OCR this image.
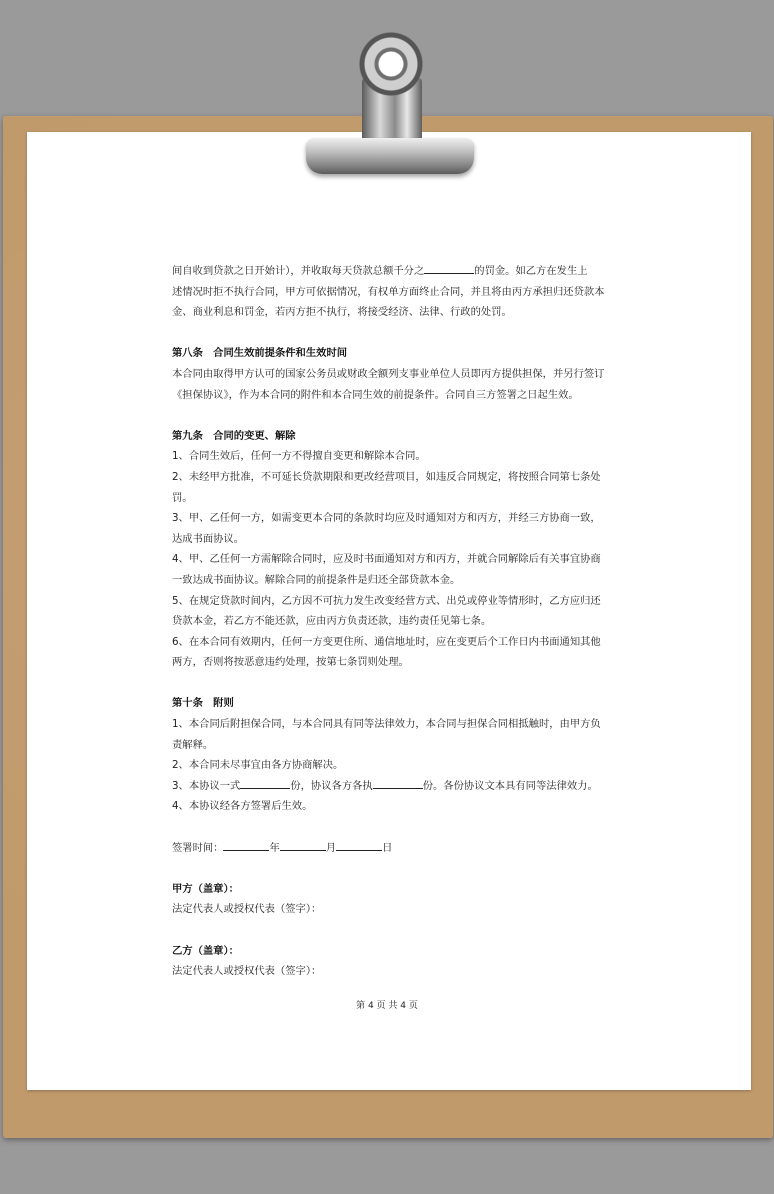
间自收到贷款之日开始计），并收取每天贷款总额千分之	的罚金。如乙方在发生上

述情况时拒不执行合同，甲方可依据情况，有权单方面终止合同，并且将由丙方承担归还贷款本

金、商业利息和罚金，若丙方拒不执行，将接受经济、法律、行政的处罚。

第八条　合同生效前提条件和生效时间

本合同由取得甲方认可的国家公务员或财政全额列支事业单位人员即丙方提供担保，并另行签订

《担保协议》，作为本合同的附件和本合同生效的前提条件。合同自三方签署之日起生效。

第九条　合同的变更、解除

1、合同生效后，任何一方不得擅自变更和解除本合同。

2、未经甲方批准，不可延长贷款期限和更改经营项目，如违反合同规定，将按照合同第七条处

罚。

3、甲、乙任何一方，如需变更本合同的条款时均应及时通知对方和丙方，并经三方协商一致，

达成书面协议。

4、甲、乙任何一方需解除合同时，应及时书面通知对方和丙方，并就合同解除后有关事宜协商

一致达成书面协议。解除合同的前提条件是归还全部贷款本金。

5、在规定贷款时间内，乙方因不可抗力发生改变经营方式、出兑或停业等情形时，乙方应归还

贷款本金，若乙方不能还款，应由丙方负责还款，违约责任见第七条。

6、在本合同有效期内，任何一方变更住所、通信地址时，应在变更后个工作日内书面通知其他

两方，否则将按恶意违约处理，按第七条罚则处理。

第十条　附则

1、本合同后附担保合同，与本合同具有同等法律效力，本合同与担保合同相抵触时，由甲方负

责解释。

2、本合同未尽事宜由各方协商解决。

3、本协议一式	份，协议各方各执	份。各份协议文本具有同等法律效力。

4、本协议经各方签署后生效。

签署时间：	年	月	日

甲方（盖章）：

法定代表人或授权代表（签字）：

乙方（盖章）：

法定代表人或授权代表（签字）：

第 4 页 共 4 页
